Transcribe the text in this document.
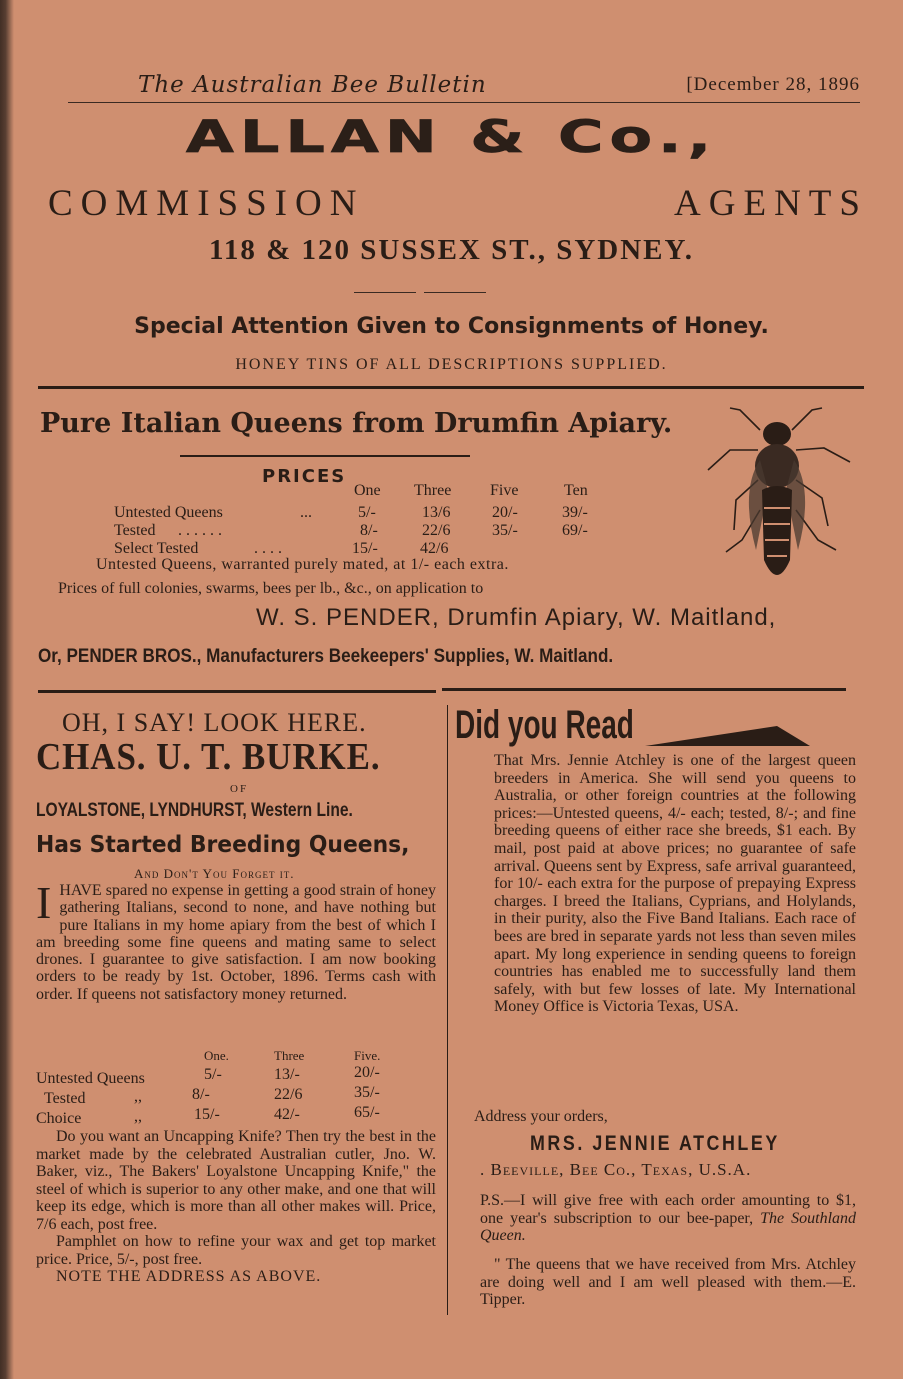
The Australian Bee Bulletin	[December 28, 1896
ALLAN & Co.,
COMMISSION	AGENTS
118 & 120 SUSSEX ST., SYDNEY.
Special Attention Given to Consignments of Honey.
HONEY TINS OF ALL DESCRIPTIONS SUPPLIED.
Pure Italian Queens from Drumfin Apiary.
PRICES
One Three Five	Ten
Untested Queens	...	5/-	13/6	20/-	39/-
Tested . . . . . .	8/-	22/6	35/-	69/-
Select Tested	. . . .	15/-	42/6
Untested Queens, warranted purely mated, at 1/- each extra.
Prices of full colonies, swarms, bees per lb., &c., on application to
W. S. PENDER, Drumfin Apiary, W. Maitland,
Or, PENDER BROS., Manufacturers Beekeepers' Supplies, W. Maitland.
OH, I SAY! LOOK HERE.
CHAS. U. T. BURKE.
OF
LOYALSTONE, LYNDHURST, Western Line.
Has Started Breeding Queens,
And Don't You Forget it.
I HAVE spared no expense in getting a good strain of honey gathering Italians, second to none, and have nothing but pure Italians in my home apiary from the best of which I am breeding some fine queens and mating same to select drones. I guarantee to give satisfaction. I am now booking orders to be ready by 1st. October, 1896. Terms cash with order. If queens not satisfactory money returned.
One.	Three	Five.
Untested Queens	5/-	13/-	20/-
Tested	,,	8/-	22/6	35/-
Choice	,,	15/-	42/-	65/-
Do you want an Uncapping Knife? Then try the best in the market made by the celebrated Australian cutler, Jno. W. Baker, viz., The Bakers' Loyalstone Uncapping Knife," the steel of which is superior to any other make, and one that will keep its edge, which is more than all other makes will. Price, 7/6 each, post free.
Pamphlet on how to refine your wax and get top market price. Price, 5/-, post free.
NOTE THE ADDRESS AS ABOVE.
Did you Read
That Mrs. Jennie Atchley is one of the largest queen breeders in America. She will send you queens to Australia, or other foreign countries at the following prices:—Untested queens, 4/- each; tested, 8/-; and fine breeding queens of either race she breeds, $1 each. By mail, post paid at above prices; no guarantee of safe arrival. Queens sent by Express, safe arrival guaranteed, for 10/- each extra for the purpose of prepaying Express charges. I breed the Italians, Cyprians, and Holylands, in their purity, also the Five Band Italians. Each race of bees are bred in separate yards not less than seven miles apart. My long experience in sending queens to foreign countries has enabled me to successfully land them safely, with but few losses of late. My International Money Office is Victoria Texas, USA.
Address your orders,
MRS. JENNIE ATCHLEY
. Beeville, Bee Co., Texas, U.S.A.
P.S.—I will give free with each order amounting to $1, one year's subscription to our bee-paper, The Southland Queen.
" The queens that we have received from Mrs. Atchley are doing well and I am well pleased with them.—E. Tipper.
